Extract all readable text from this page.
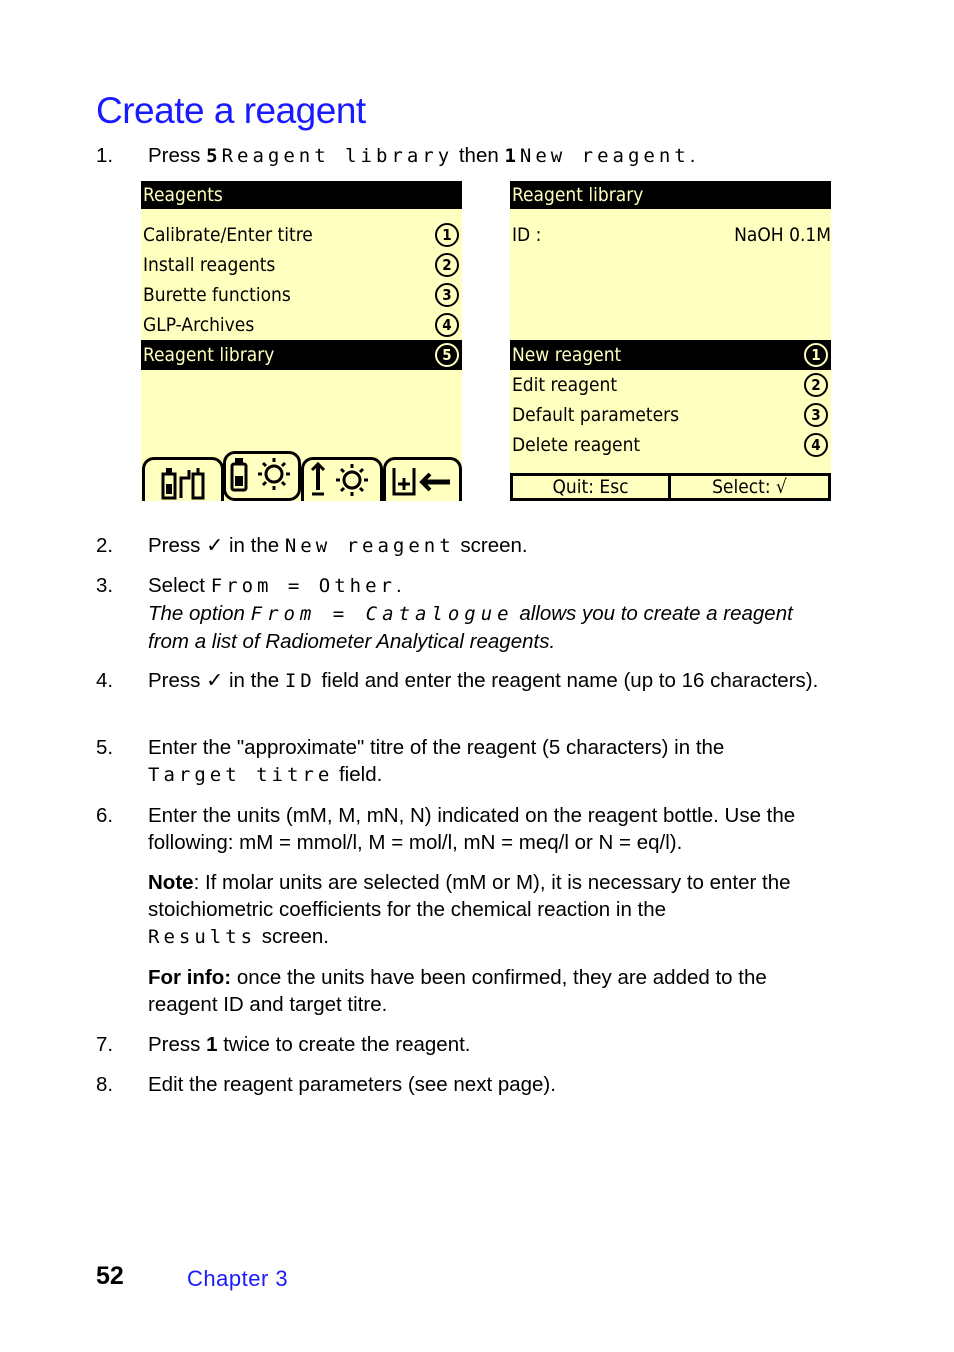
Create a reagent
1.	Press 5Reagent library then 1New reagent.
Reagents
Calibrate/Enter titre	1
Install reagents	2
Burette functions	3
GLP-Archives	4
Reagent library	5
Reagent library
ID :	NaOH 0.1M
New reagent	1
Edit reagent	2
Default parameters	3
Delete reagent	4
Quit: Esc	Select: √
2.	Press ✓ in the New reagent screen.
3.	Select From = Other.
The option From = Catalogue allows you to create a reagent from a list of Radiometer Analytical reagents.
4.	Press ✓ in the ID field and enter the reagent name (up to 16 characters).
5.	Enter the "approximate" titre of the reagent (5 characters) in the
Target titre field.
6.	Enter the units (mM, M, mN, N) indicated on the reagent bottle. Use the following: mM = mmol/l, M = mol/l, mN = meq/l or N = eq/l).
Note: If molar units are selected (mM or M), it is necessary to enter the stoichiometric coefficients for the chemical reaction in the
Results screen.
For info: once the units have been confirmed, they are added to the reagent ID and target titre.
7.	Press 1 twice to create the reagent.
8.	Edit the reagent parameters (see next page).
52	Chapter 3
